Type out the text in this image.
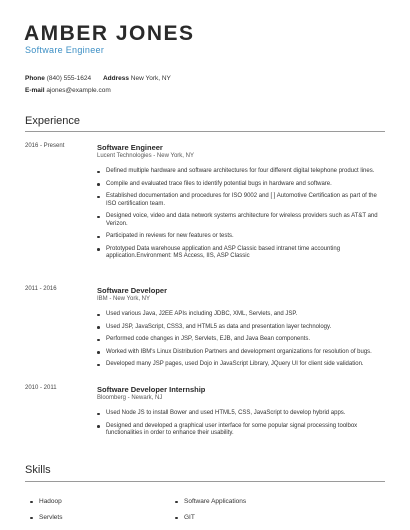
AMBER JONES
Software Engineer
Phone (840) 555-1624 Address New York, NY
E-mail ajones@example.com
Experience
2016 - Present	Software Engineer
Lucent Technologies - New York, NY
Defined multiple hardware and software architectures for four different digital telephone product lines.
Compile and evaluated trace files to identify potential bugs in hardware and software.
Established documentation and procedures for ISO 9002 and [ ] Automotive Certification as part of the ISO certification team.
Designed voice, video and data network systems architecture for wireless providers such as AT&T and Verizon.
Participated in reviews for new features or tests.
Prototyped Data warehouse application and ASP Classic based intranet time accounting application.Environment: MS Access, IIS, ASP Classic
2011 - 2016	Software Developer
IBM - New York, NY
Used various Java, J2EE APIs including JDBC, XML, Servlets, and JSP.
Used JSP, JavaScript, CSS3, and HTML5 as data and presentation layer technology.
Performed code changes in JSP, Servlets, EJB, and Java Bean components.
Worked with IBM's Linux Distribution Partners and development organizations for resolution of bugs.
Developed many JSP pages, used Dojo in JavaScript Library, JQuery UI for client side validation.
2010 - 2011	Software Developer Internship
Bloomberg - Newark, NJ
Used Node JS to install Bower and used HTML5, CSS, JavaScript to develop hybrid apps.
Designed and developed a graphical user interface for some popular signal processing toolbox functionalities in order to enhance their usability.
Skills
Hadoop	Software Applications
Servlets	GIT
